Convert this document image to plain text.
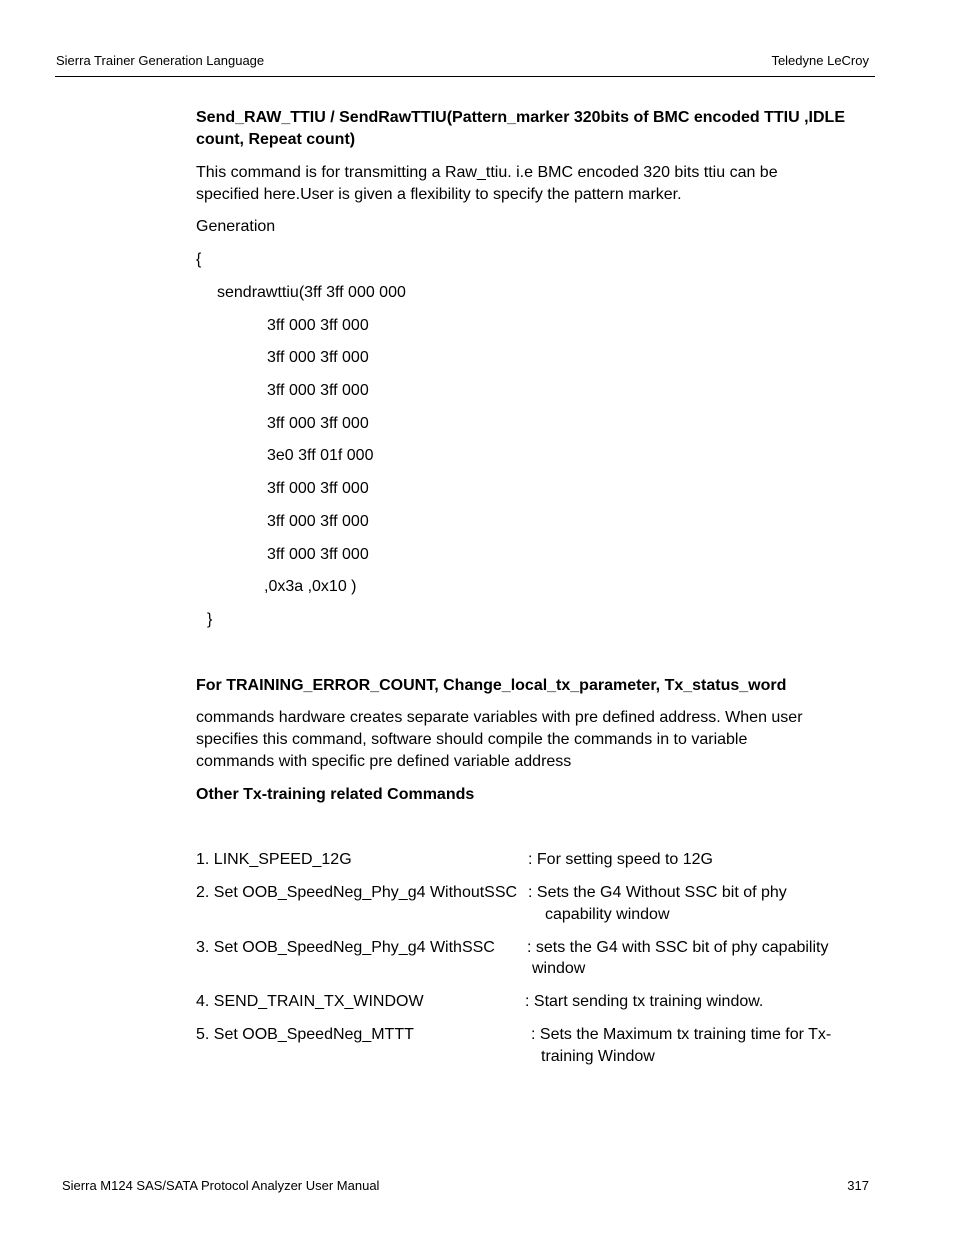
Sierra Trainer Generation Language	Teledyne LeCroy
Send_RAW_TTIU / SendRawTTIU(Pattern_marker 320bits of BMC encoded TTIU ,IDLE
count, Repeat count)
This command is for transmitting a Raw_ttiu. i.e BMC encoded 320 bits ttiu can be
specified here.User is given a flexibility to specify the pattern marker.
Generation
{
sendrawttiu(3ff 3ff 000 000
3ff 000 3ff 000
3ff 000 3ff 000
3ff 000 3ff 000
3ff 000 3ff 000
3e0 3ff 01f 000
3ff 000 3ff 000
3ff 000 3ff 000
3ff 000 3ff 000
,0x3a ,0x10 )
}
For TRAINING_ERROR_COUNT, Change_local_tx_parameter, Tx_status_word
commands hardware creates separate variables with pre defined address. When user
specifies this command, software should compile the commands in to variable
commands with specific pre defined variable address
Other Tx-training related Commands
1. LINK_SPEED_12G	: For setting speed to 12G
2. Set OOB_SpeedNeg_Phy_g4 WithoutSSC : Sets the G4 Without SSC bit of phy
capability window
3. Set OOB_SpeedNeg_Phy_g4 WithSSC : sets the G4 with SSC bit of phy capability
window
4. SEND_TRAIN_TX_WINDOW	: Start sending tx training window.
5. Set OOB_SpeedNeg_MTTT	: Sets the Maximum tx training time for Tx-
training Window
Sierra M124 SAS/SATA Protocol Analyzer User Manual	317
